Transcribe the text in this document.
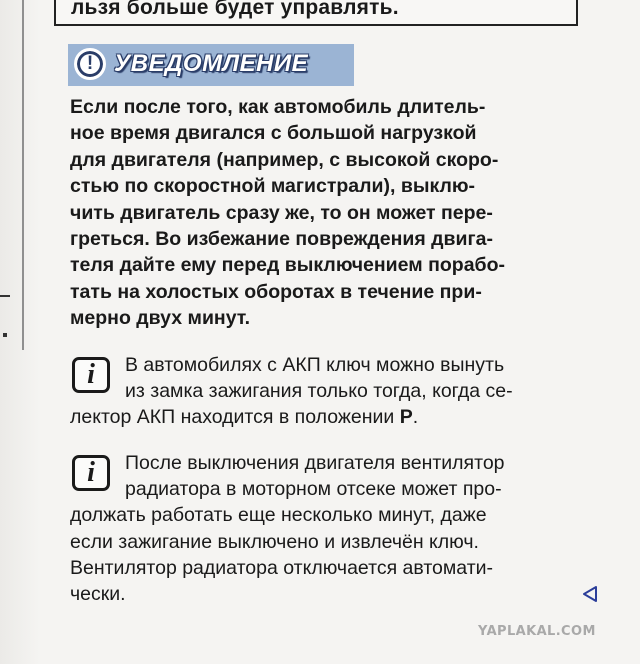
льзя больше будет управлять.
! УВЕДОМЛЕНИЕ
Если после того, как автомобиль длитель-
ное время двигался с большой нагрузкой
для двигателя (например, с высокой скоро-
стью по скоростной магистрали), выклю-
чить двигатель сразу же, то он может пере-
греться. Во избежание повреждения двига-
теля дайте ему перед выключением порабо-
тать на холостых оборотах в течение при-
мерно двух минут.
i	В автомобилях с АКП ключ можно вынуть
из замка зажигания только тогда, когда се-
лектор АКП находится в положении P.
i	После выключения двигателя вентилятор
радиатора в моторном отсеке может про-
должать работать еще несколько минут, даже
если зажигание выключено и извлечён ключ.
Вентилятор радиатора отключается автомати-
чески.
YAPLAKAL.COM
